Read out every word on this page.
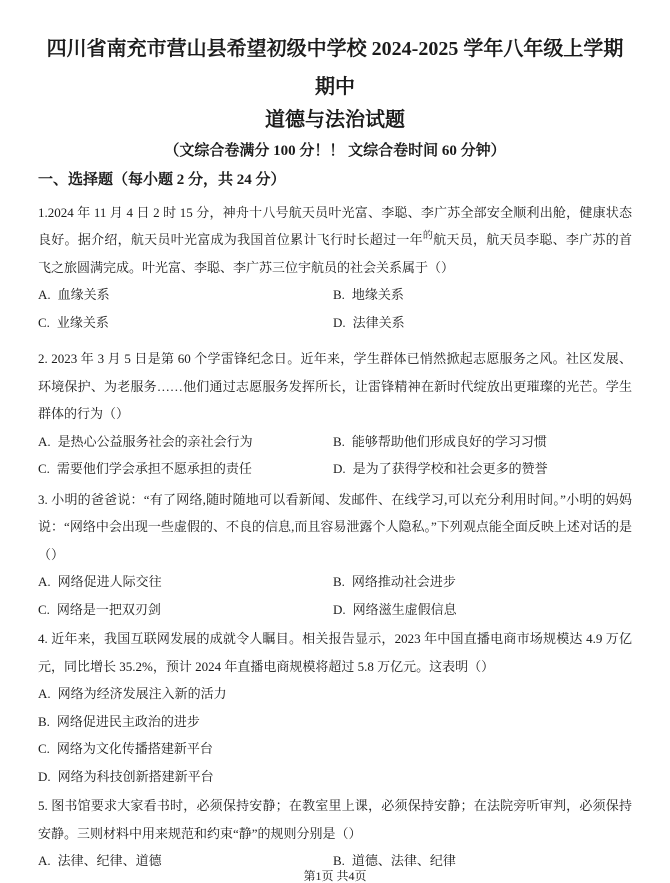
四川省南充市营山县希望初级中学校 2024-2025 学年八年级上学期期中
道德与法治试题
（文综合卷满分 100 分！！ 文综合卷时间 60 分钟）
一、选择题（每小题 2 分，共 24 分）

1.2024 年 11 月 4 日 2 时 15 分，神舟十八号航天员叶光富、李聪、李广苏全部安全顺利出舱，健康状态良好。据介绍，航天员叶光富成为我国首位累计飞行时长超过一年$^的$航天员，航天员李聪、李广苏的首飞之旅圆满完成。叶光富、李聪、李广苏三位宇航员的社会关系属于（）

A. 血缘关系	B. 地缘关系
C. 业缘关系	D. 法律关系

2. 2023 年 3 月 5 日是第 60 个学雷锋纪念日。近年来，学生群体已悄然掀起志愿服务之风。社区发展、环境保护、为老服务……他们通过志愿服务发挥所长，让雷锋精神在新时代绽放出更璀璨的光芒。学生群体的行为（）

A. 是热心公益服务社会的亲社会行为	B. 能够帮助他们形成良好的学习习惯
C. 需要他们学会承担不愿承担的责任	D. 是为了获得学校和社会更多的赞誉

3. 小明的爸爸说：“有了网络,随时随地可以看新闻、发邮件、在线学习,可以充分利用时间。”小明的妈妈说：“网络中会出现一些虚假的、不良的信息,而且容易泄露个人隐私。”下列观点能全面反映上述对话的是（）

A. 网络促进人际交往	B. 网络推动社会进步
C. 网络是一把双刃剑	D. 网络滋生虚假信息

4. 近年来，我国互联网发展的成就令人瞩目。相关报告显示，2023 年中国直播电商市场规模达 4.9 万亿元，同比增长 35.2%，预计 2024 年直播电商规模将超过 5.8 万亿元。这表明（）

A. 网络为经济发展注入新的活力
B. 网络促进民主政治的进步
C. 网络为文化传播搭建新平台
D. 网络为科技创新搭建新平台

5. 图书馆要求大家看书时，必须保持安静；在教室里上课，必须保持安静；在法院旁听审判，必须保持安静。三则材料中用来规范和约束“静”的规则分别是（）

A. 法律、纪律、道德	B. 道德、法律、纪律
第1页 共4页
